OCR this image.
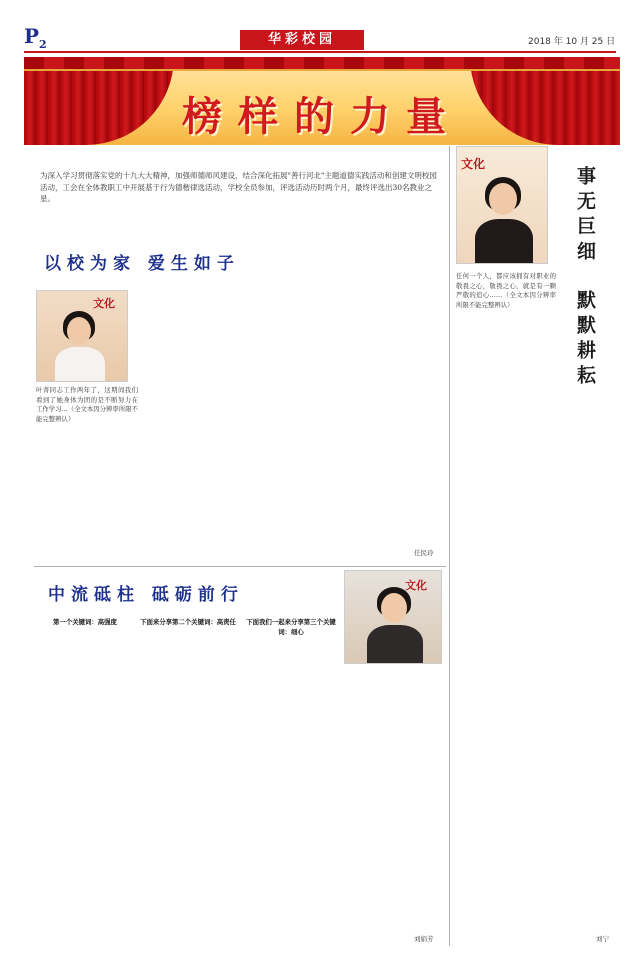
$P_2$	华彩校园	2018 年 10 月 25 日
榜样的力量
为深入学习贯彻落实党的十九大大精神，加强师德师风建设，结合深化拓展"善行河北"主题道德实践活动和创建文明校园活动，工会在全体教职工中开展基于行为德楷律选活动，学校全员参加，评选活动历时两个月，最终评选出30名教业之星。
以校为家 爱生如子
文化
叶菁同志工作两年了，这期间我们看到了她身体为团的是不断努力在工作学习...（全文本因分辨率所限不能完整辨认）
任民玲
中流砥柱 砥砺前行	文化
第一个关键词：高强度	下面来分享第二个关键词：高责任	下面我们一起来分享第三个关键词：细心
刘娟芳
文化
事无巨细
默默耕耘
任何一个人，都应该拥有对职业的敬畏之心，敬畏之心，就是有一颗严敬的追心……（全文本因分辨率所限不能完整辨认）
刘宁
